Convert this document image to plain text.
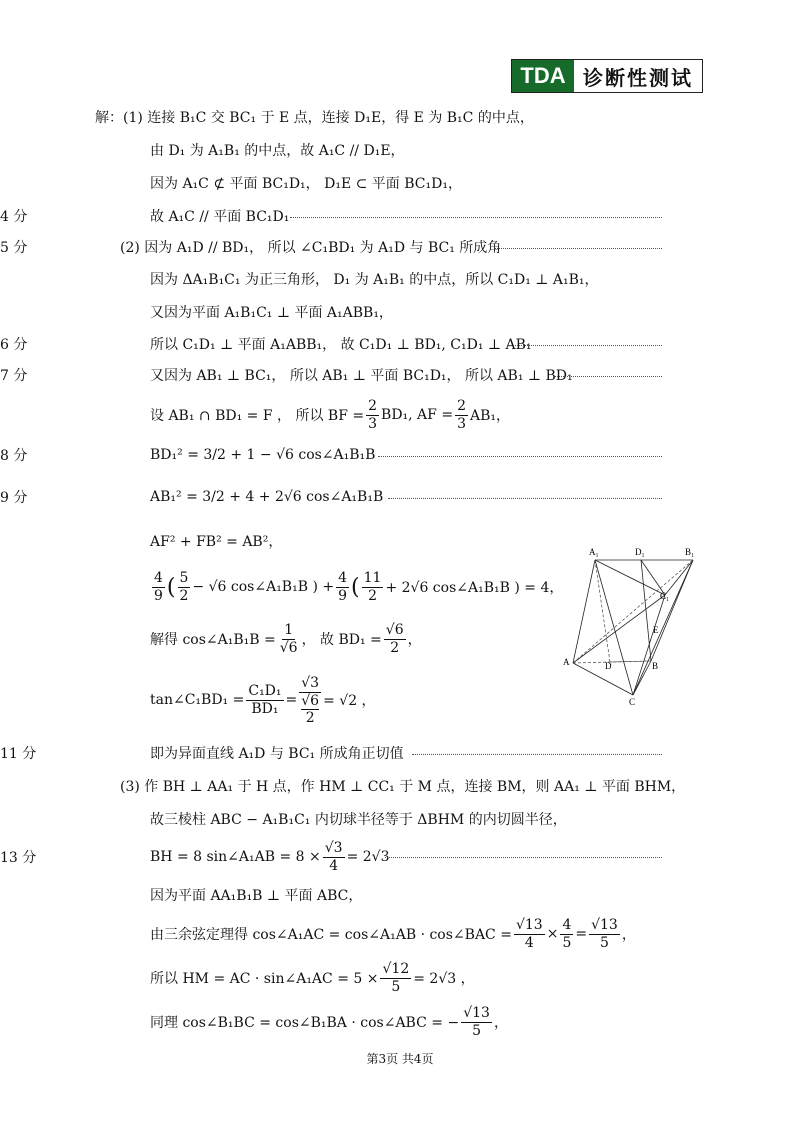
TDA 诊断性测试
解：(1) 连接 B₁C 交 BC₁ 于 E 点，连接 D₁E，得 E 为 B₁C 的中点，
由 D₁ 为 A₁B₁ 的中点，故 A₁C // D₁E，
因为 A₁C ⊄ 平面 BC₁D₁， D₁E ⊂ 平面 BC₁D₁，
故 A₁C // 平面 BC₁D₁
4 分
(2) 因为 A₁D // BD₁， 所以 ∠C₁BD₁ 为 A₁D 与 BC₁ 所成角
5 分
因为 ΔA₁B₁C₁ 为正三角形， D₁ 为 A₁B₁ 的中点，所以 C₁D₁ ⊥ A₁B₁，
又因为平面 A₁B₁C₁ ⊥ 平面 A₁ABB₁，
所以 C₁D₁ ⊥ 平面 A₁ABB₁， 故 C₁D₁ ⊥ BD₁, C₁D₁ ⊥ AB₁
6 分
又因为 AB₁ ⊥ BC₁， 所以 AB₁ ⊥ 平面 BC₁D₁， 所以 AB₁ ⊥ BD₁
7 分
设 AB₁ ∩ BD₁ = F ， 所以 BF = $\frac{2}{3} BD_1$, AF = $\frac{2}{3} AB_1$，
BD₁² = 3/2 + 1 − √6 cos∠A₁B₁B
8 分
AB₁² = 3/2 + 4 + 2√6 cos∠A₁B₁B
9 分
AF² + FB² = AB²，
$\frac{4}{9}$ ( $\frac{5}{2} - √6$ cos∠A₁B₁B ) + $\frac{4}{9}$ ( $\frac{11}{2} + 2√6$ cos∠A₁B₁B ) = 4，
解得 cos∠A₁B₁B = $\frac{1}{√6}$ ， 故 $BD_1 = \frac{√6}{2}$ ，
tan∠C₁BD₁ = $\frac{\text{C₁D₁}}{\text{BD₁}} = √3$
√6
2 = √2 ，
即为异面直线 A₁D 与 BC₁ 所成角正切值
11 分
(3) 作 BH ⊥ AA₁ 于 H 点，作 HM ⊥ CC₁ 于 M 点，连接 BM，则 AA₁ ⊥ 平面 BHM，
故三棱柱 ABC − A₁B₁C₁ 内切球半径等于 ΔBHM 的内切圆半径，
BH = 8 sin∠A₁AB = $8 \times \frac{√3}{4} = 2√3$
13 分
因为平面 AA₁B₁B ⊥ 平面 ABC，
由三余弦定理得 cos∠A₁AC = cos∠A₁AB · cos∠BAC = $\frac{√13}{4} \times \frac{4}{5} = \frac{√13}{5}$ ，
所以 HM = AC · sin∠A₁AC = $5 \times \frac{√12}{5} = 2√3$ ，
同理 cos∠B₁BC = cos∠B₁BA · cos∠ABC = − $\frac{√13}{5}$ ，
A₁	D₁	B₁
C₁
E
A	D	B
C
第3页 共4页
